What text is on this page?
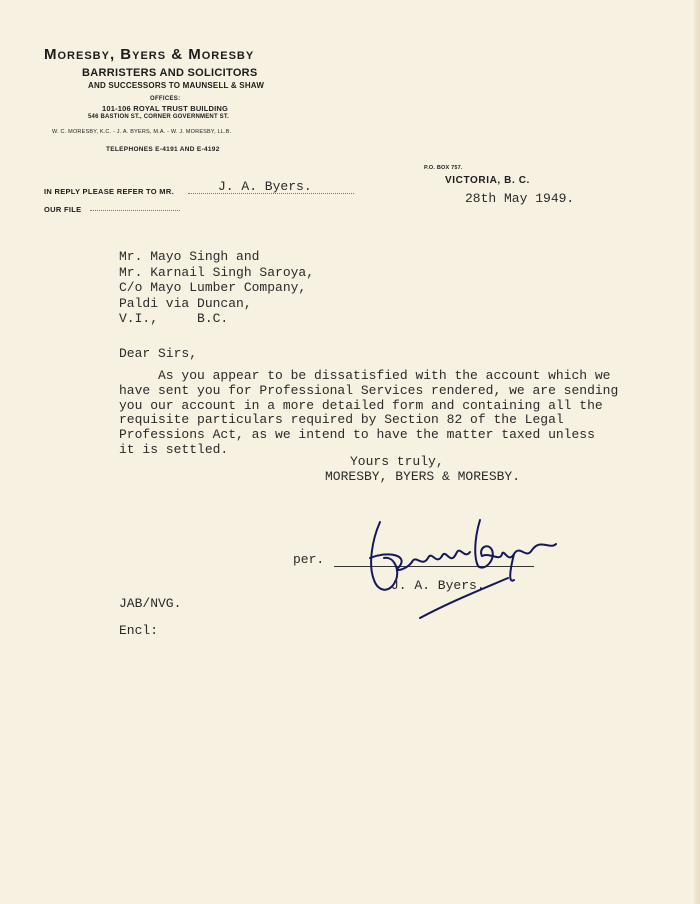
Moresby, Byers & Moresby
BARRISTERS AND SOLICITORS
AND SUCCESSORS TO MAUNSELL & SHAW
OFFICES:
101-106 ROYAL TRUST BUILDING
546 BASTION ST., CORNER GOVERNMENT ST.
W. C. MORESBY, K.C. - J. A. BYERS, M.A. - W. J. MORESBY, LL.B.
TELEPHONES E-4191 AND E-4192
P.O. BOX 757.
VICTORIA, B. C.
28th May 1949.
IN REPLY PLEASE REFER TO MR.	J. A. Byers.
OUR FILE
Mr. Mayo Singh and
Mr. Karnail Singh Saroya,
C/o Mayo Lumber Company,
Paldi via Duncan,
V.I.,     B.C.
Dear Sirs,
As you appear to be dissatisfied with the account which we
have sent you for Professional Services rendered, we are sending
you our account in a more detailed form and containing all the
requisite particulars required by Section 82 of the Legal
Professions Act, as we intend to have the matter taxed unless
it is settled.
Yours truly,
MORESBY, BYERS & MORESBY.
per.
J. A. Byers.
JAB/NVG.
Encl:
